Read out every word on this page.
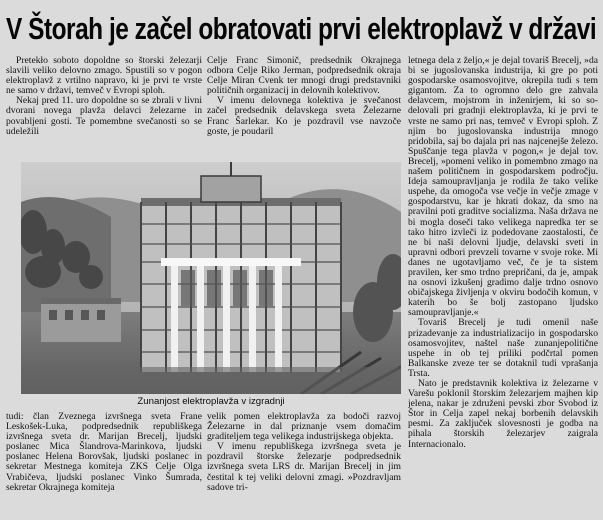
V Štorah je začel obratovati prvi elektroplavž v državi

Pretekło soboto dopoldne so štorski železarji slavili veliko delovno zmago. Spustili so v pogon elektroplavž z vrtilno napravo, ki je prvi te vrste ne samo v državi, temveč v Evropi sploh.

Nekaj pred 11. uro dopoldne so se zbrali v livni dvorani novega plavža delavci železarne in povabljeni gosti. Te pomembne svečanosti so se udeležili

Celje Franc Simonič, predsednik Okrajnega odbora Celje Riko Jerman, podpredsednik okraja Celje Miran Cvenk ter mnogi drugi predstavniki političnih organizacij in delovnih kolektivov.

V imenu delovnega kolektiva je svečanost začel predsednik delavskega sveta Železarne Franc Šarlekar. Ko je pozdravil vse navzoče goste, je poudaril

Zunanjost elektroplavža v izgradnji

letnega dela z željo,« je dejal tovariš Brecelj, »da bi se jugoslovanska industrija, ki gre po poti gospodarske osamosvojitve, okrepila tudi s tem gigantom. Za to ogromno delo gre zahvala delavcem, mojstrom in inženirjem, ki so so-delovali pri gradnji elektroplavža, ki je prvi te vrste ne samo pri nas, temveč v Evropi sploh. Z njim bo jugoslovanska industrija mnogo pridobila, saj bo dajala pri nas najcenejše železo. Spuščanje tega plavža v pogon,« je dejal tov. Brecelj, »pomeni veliko in pomembno zmago na našem političnem in gospodarskem področju. Ideja samoupravljanja je rodila že tako velike uspehe, da omogoča vse večje in večje zmage v gospodarstvu, kar je hkrati dokaz, da smo na pravilni poti graditve socializma. Naša država ne bi mogla doseči tako velikega napredka ter se tako hitro izvleči iz podedovane zaostalosti, če ne bi naši delovni ljudje, delavski sveti in upravni odbori prevzeli tovarne v svoje roke. Mi danes ne ugotavljamo več, če je ta sistem pravilen, ker smo trdno prepričani, da je, ampak na osnovi izkušenj gradimo dalje trdno osnovo običajskega življenja v okviru bodočih komun, v katerih bo še bolj zastopano ljudsko samoupravljanje.«

Tovariš Brecelj je tudi omenil naše prizadevanje za industrializacijo in gospodarsko osamosvojitev, naštel naše zunanjepolitične uspehe in ob tej priliki podčrtal pomen Balkanske zveze ter se dotaknil tudi vprašanja Trsta.

Nato je predstavnik kolektiva iz železarne v Varešu poklonil štorskim železarjem majhen kip jelena, nakar je združeni pevski zbor Svobod iz Štor in Celja zapel nekaj borbenih delavskih pesmi. Za zaključek slovesnosti je godba na pihala štorskih železarjev zaigrala Internacionalo.

tudi: član Zveznega izvršnega sveta Frane Leskošek-Luka, podpredsednik republiškega izvršnega sveta dr. Marijan Brecelj, ljudski poslanec Mica Šlandrova-Marinkova, ljudski poslanec Helena Borovšak, ljudski poslanec in sekretar Mestnega komiteja ZKS Celje Olga Vrabičeva, ljudski poslanec Vinko Šumrada, sekretar Okrajnega komiteja

velik pomen elektroplavža za bodoči razvoj Železarne in dal priznanje vsem domačim graditeljem tega velikega industrijskega objekta.

V imenu republiškega izvršnega sveta je pozdravil štorske železarje podpredsednik izvršnega sveta LRS dr. Marijan Brecelj in jim čestital k tej veliki delovni zmagi. »Pozdravljam sadove tri-
